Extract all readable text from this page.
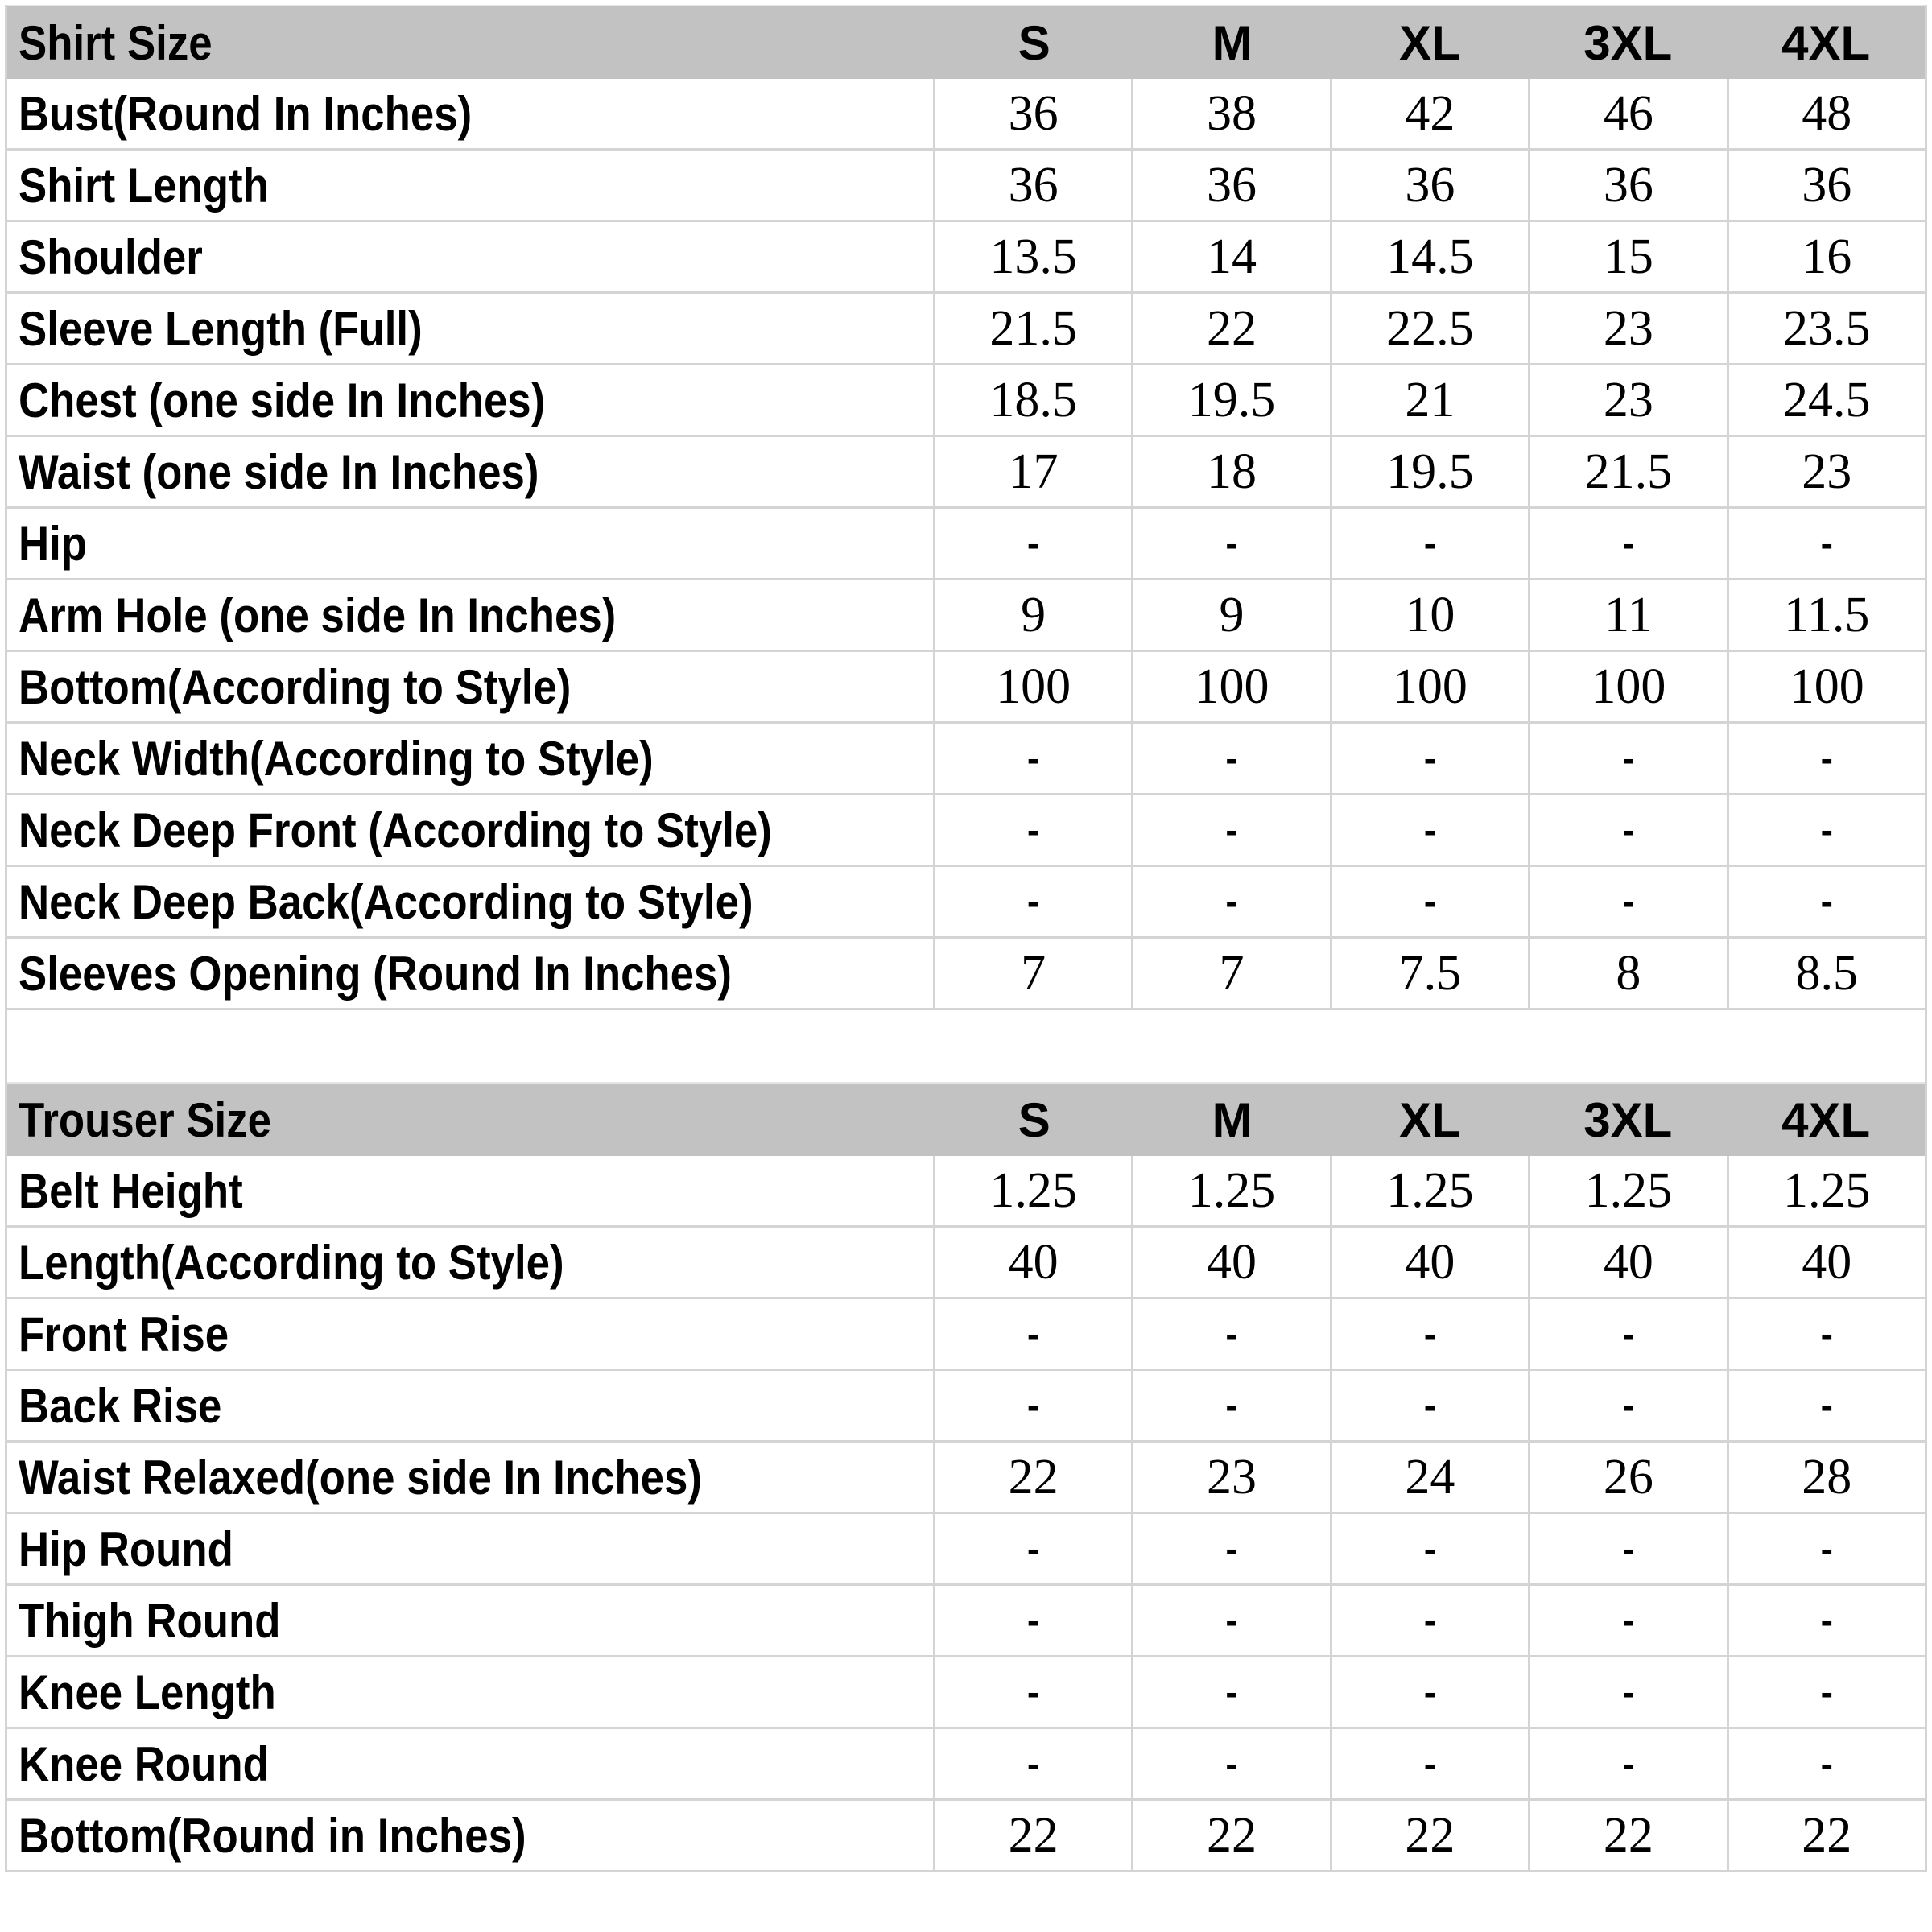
Shirt Size	S	M	XL	3XL	4XL
Bust(Round In Inches)	36	38	42	46	48
Shirt Length	36	36	36	36	36
Shoulder	13.5	14	14.5	15	16
Sleeve Length (Full)	21.5	22	22.5	23	23.5
Chest (one side In Inches)	18.5	19.5	21	23	24.5
Waist (one side In Inches)	17	18	19.5	21.5	23
Hip	-	-	-	-	-
Arm Hole (one side In Inches)	9	9	10	11	11.5
Bottom(According to Style)	100	100	100	100	100
Neck Width(According to Style)	-	-	-	-	-
Neck Deep Front (According to Style)	-	-	-	-	-
Neck Deep Back(According to Style)	-	-	-	-	-
Sleeves Opening (Round In Inches)	7	7	7.5	8	8.5
Trouser Size	S	M	XL	3XL	4XL
Belt Height	1.25	1.25	1.25	1.25	1.25
Length(According to Style)	40	40	40	40	40
Front Rise	-	-	-	-	-
Back Rise	-	-	-	-	-
Waist Relaxed(one side In Inches)	22	23	24	26	28
Hip Round	-	-	-	-	-
Thigh Round	-	-	-	-	-
Knee Length	-	-	-	-	-
Knee Round	-	-	-	-	-
Bottom(Round in Inches)	22	22	22	22	22
